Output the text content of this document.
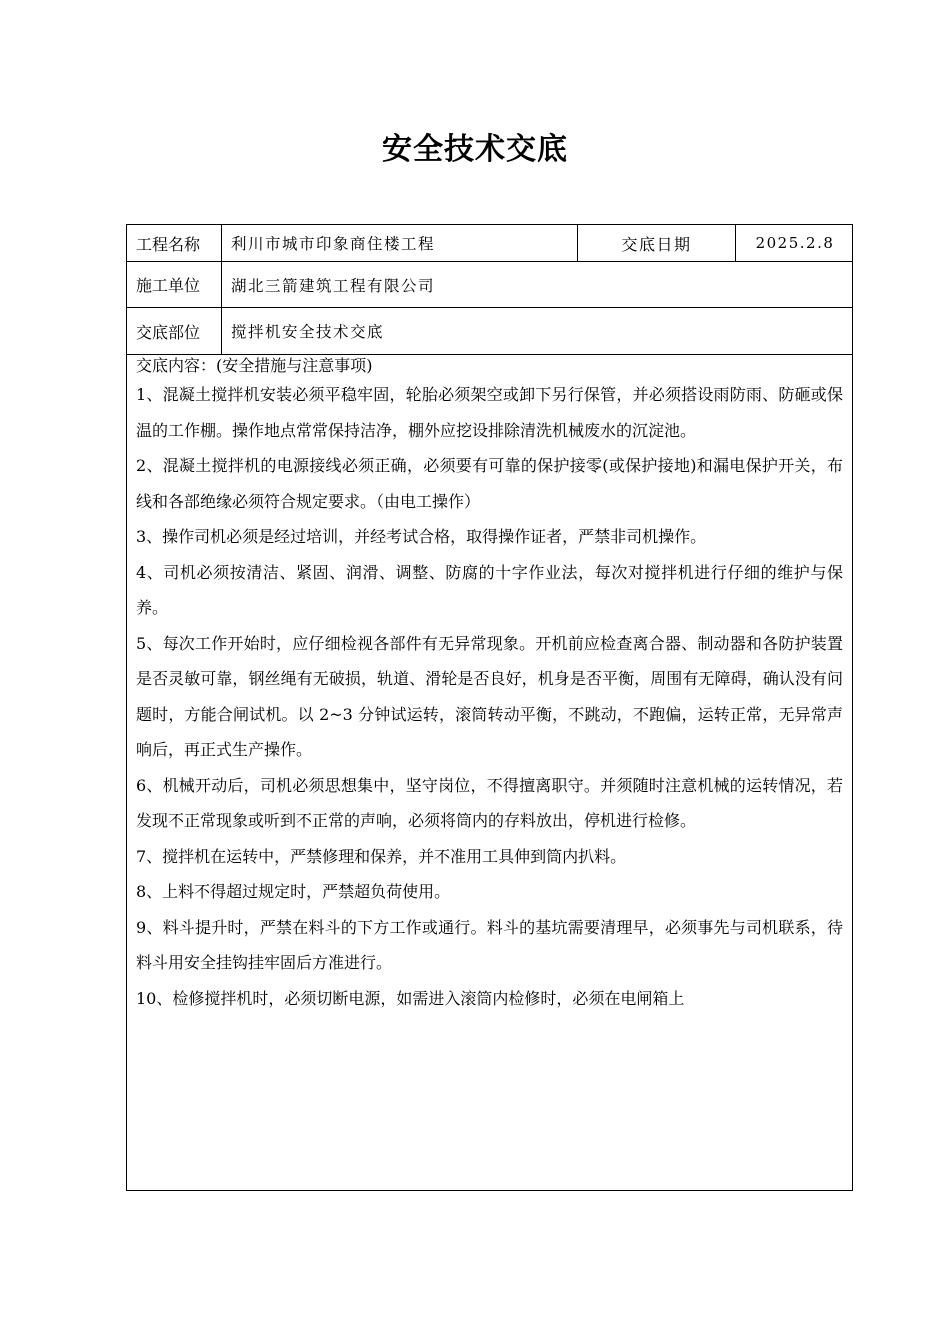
安全技术交底
工程名称	利川市城市印象商住楼工程	交底日期	2025.2.8
施工单位	湖北三箭建筑工程有限公司
交底部位	搅拌机安全技术交底
交底内容：(安全措施与注意事项)

1、混凝土搅拌机安装必须平稳牢固，轮胎必须架空或卸下另行保管，并必须搭设雨防雨、防砸或保温的工作棚。操作地点常常保持洁净，棚外应挖设排除清洗机械废水的沉淀池。

2、混凝土搅拌机的电源接线必须正确，必须要有可靠的保护接零(或保护接地)和漏电保护开关，布线和各部绝缘必须符合规定要求。（由电工操作）

3、操作司机必须是经过培训，并经考试合格，取得操作证者，严禁非司机操作。

4、司机必须按清洁、紧固、润滑、调整、防腐的十字作业法，每次对搅拌机进行仔细的维护与保养。

5、每次工作开始时，应仔细检视各部件有无异常现象。开机前应检查离合器、制动器和各防护装置是否灵敏可靠，钢丝绳有无破损，轨道、滑轮是否良好，机身是否平衡，周围有无障碍，确认没有问题时，方能合闸试机。以 2~3 分钟试运转，滚筒转动平衡，不跳动，不跑偏，运转正常，无异常声响后，再正式生产操作。

6、机械开动后，司机必须思想集中，坚守岗位，不得擅离职守。并须随时注意机械的运转情况，若发现不正常现象或听到不正常的声响，必须将筒内的存料放出，停机进行检修。

7、搅拌机在运转中，严禁修理和保养，并不准用工具伸到筒内扒料。

8、上料不得超过规定时，严禁超负荷使用。

9、料斗提升时，严禁在料斗的下方工作或通行。料斗的基坑需要清理早，必须事先与司机联系，待料斗用安全挂钩挂牢固后方准进行。

10、检修搅拌机时，必须切断电源，如需进入滚筒内检修时，必须在电闸箱上
